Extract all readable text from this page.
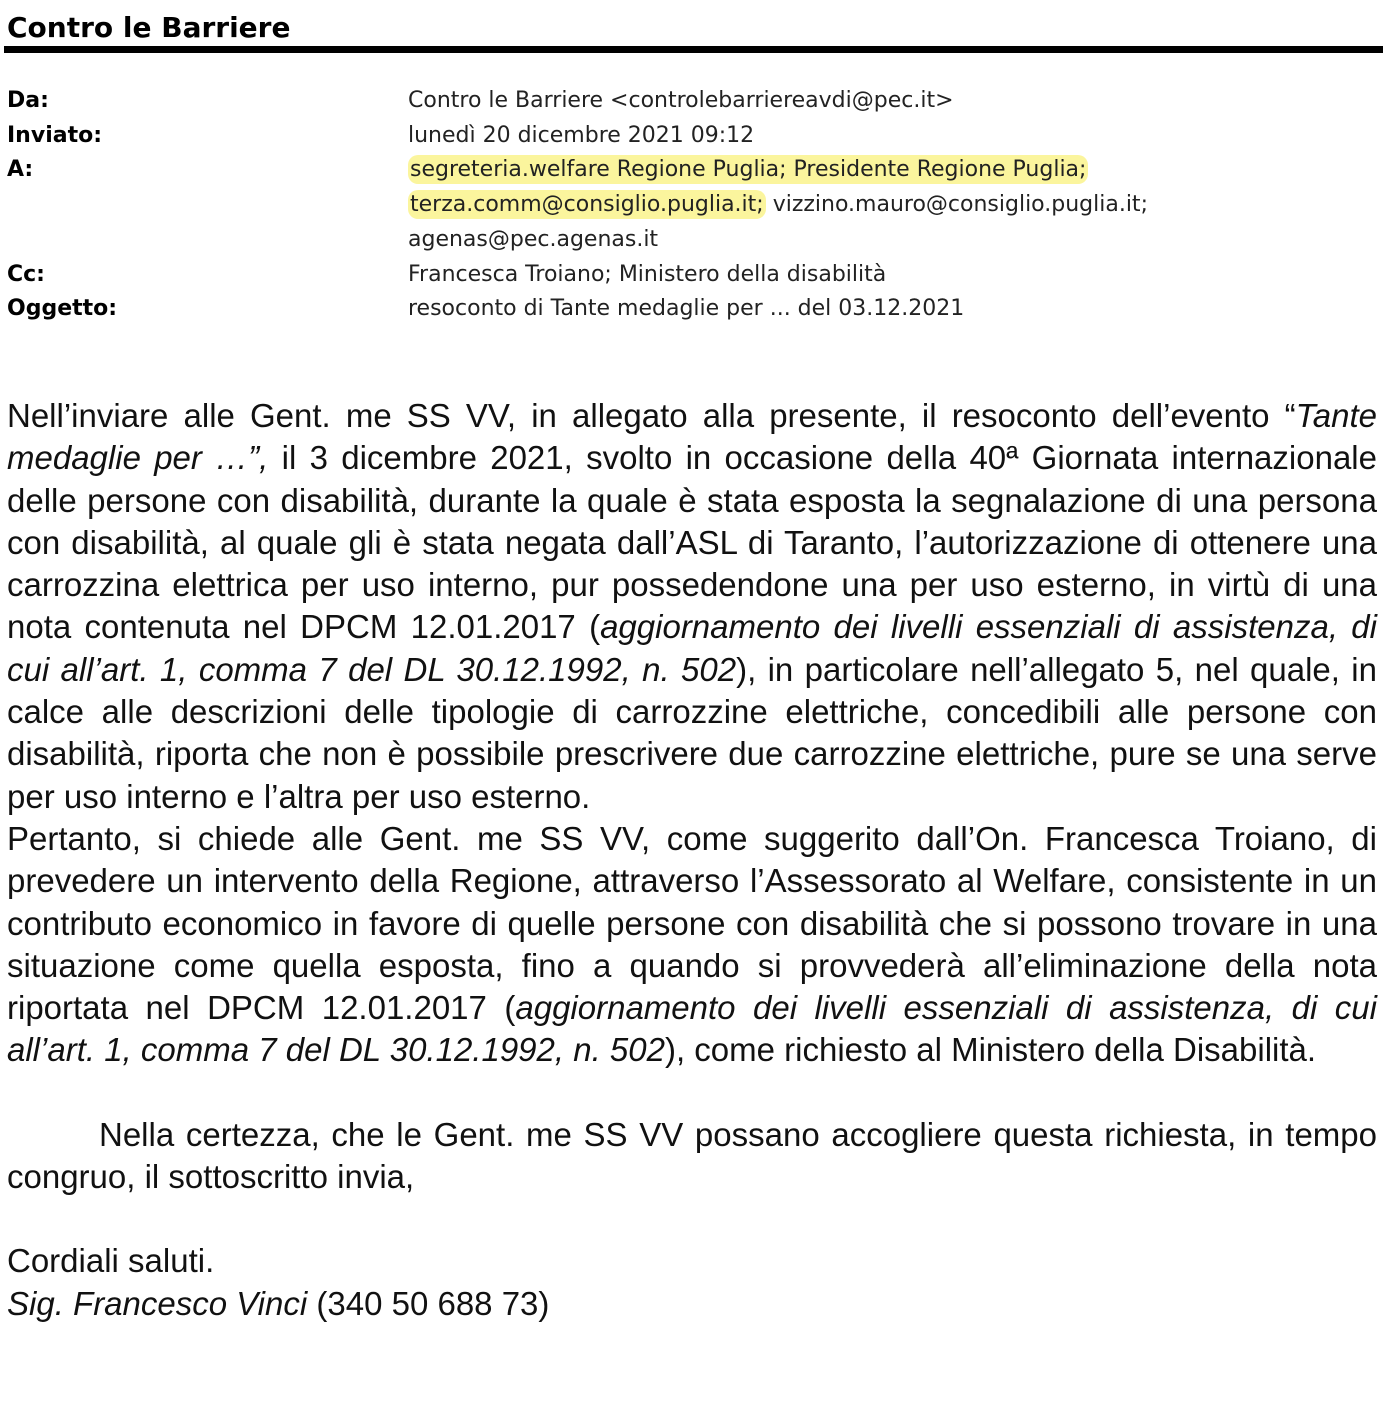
Contro le Barriere
Da:	Contro le Barriere <controlebarriereavdi@pec.it>
Inviato:	lunedì 20 dicembre 2021 09:12
A:	segreteria.welfare Regione Puglia; Presidente Regione Puglia;
terza.comm@consiglio.puglia.it; vizzino.mauro@consiglio.puglia.it;
agenas@pec.agenas.it
Cc:	Francesca Troiano; Ministero della disabilità
Oggetto:	resoconto di Tante medaglie per ... del 03.12.2021

Nell’inviare alle Gent. me SS VV, in allegato alla presente, il resoconto dell’evento “Tante medaglie per …”, il 3 dicembre 2021, svolto in occasione della 40ª Giornata internazionale delle persone con disabilità, durante la quale è stata esposta la segnalazione di una persona con disabilità, al quale gli è stata negata dall’ASL di Taranto, l’autorizzazione di ottenere una carrozzina elettrica per uso interno, pur possedendone una per uso esterno, in virtù di una nota contenuta nel DPCM 12.01.2017 (aggiornamento dei livelli essenziali di assistenza, di cui all’art. 1, comma 7 del DL 30.12.1992, n. 502), in particolare nell’allegato 5, nel quale, in calce alle descrizioni delle tipologie di carrozzine elettriche, concedibili alle persone con disabilità, riporta che non è possibile prescrivere due carrozzine elettriche, pure se una serve per uso interno e l’altra per uso esterno.

Pertanto, si chiede alle Gent. me SS VV, come suggerito dall’On. Francesca Troiano, di prevedere un intervento della Regione, attraverso l’Assessorato al Welfare, consistente in un contributo economico in favore di quelle persone con disabilità che si possono trovare in una situazione come quella esposta, fino a quando si provvederà all’eliminazione della nota riportata nel DPCM 12.01.2017 (aggiornamento dei livelli essenziali di assistenza, di cui all’art. 1, comma 7 del DL 30.12.1992, n. 502), come richiesto al Ministero della Disabilità.

Nella certezza, che le Gent. me SS VV possano accogliere questa richiesta, in tempo congruo, il sottoscritto invia,

Cordiali saluti.

Sig. Francesco Vinci (340 50 688 73)
